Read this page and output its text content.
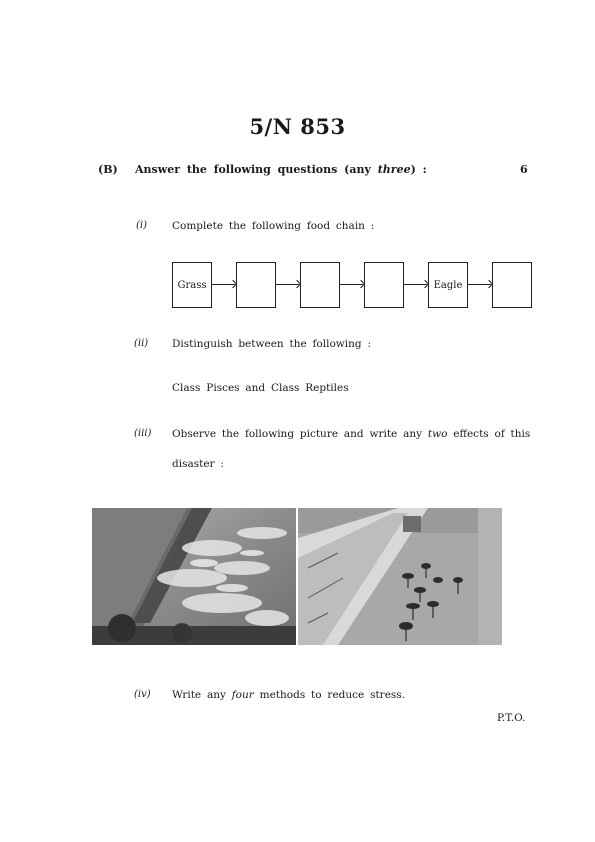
5/N 853
(B) Answer the following questions (any three) :	6
(i) Complete the following food chain :
Grass	Eagle
(ii) Distinguish between the following :
Class Pisces and Class Reptiles
(iii) Observe the following picture and write any two effects of this
disaster :
(iv) Write any four methods to reduce stress.
P.T.O.
